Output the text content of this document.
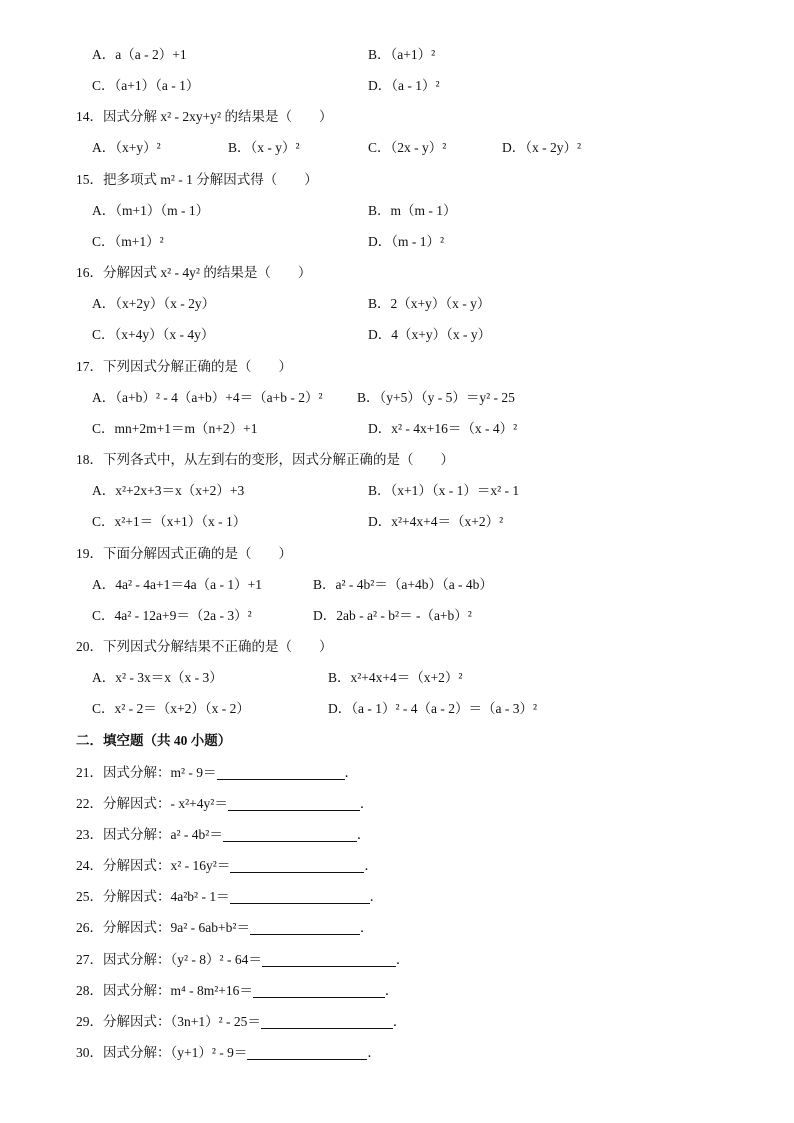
A．a（a - 2）+1	B．（a+1）²
C．（a+1）（a - 1）	D．（a - 1）²
14．因式分解 x² - 2xy+y² 的结果是（　　）
A．（x+y）²	B．（x - y）²	C．（2x - y）²	D．（x - 2y）²
15．把多项式 m² - 1 分解因式得（　　）
A．（m+1）（m - 1）	B．m（m - 1）
C．（m+1）²	D．（m - 1）²
16．分解因式 x² - 4y² 的结果是（　　）
A．（x+2y）（x - 2y）	B．2（x+y）（x - y）
C．（x+4y）（x - 4y）	D．4（x+y）（x - y）
17．下列因式分解正确的是（　　）
A．（a+b）² - 4（a+b）+4＝（a+b - 2）²	B．（y+5）（y - 5）＝y² - 25
C．mn+2m+1＝m（n+2）+1	D．x² - 4x+16＝（x - 4）²
18．下列各式中，从左到右的变形，因式分解正确的是（　　）
A．x²+2x+3＝x（x+2）+3	B．（x+1）（x - 1）＝x² - 1
C．x²+1＝（x+1）（x - 1）	D．x²+4x+4＝（x+2）²
19．下面分解因式正确的是（　　）
A．4a² - 4a+1＝4a（a - 1）+1	B．a² - 4b²＝（a+4b）（a - 4b）
C．4a² - 12a+9＝（2a - 3）²	D．2ab - a² - b²＝ -（a+b）²
20．下列因式分解结果不正确的是（　　）
A．x² - 3x＝x（x - 3）	B．x²+4x+4＝（x+2）²
C．x² - 2＝（x+2）（x - 2）	D．（a - 1）² - 4（a - 2）＝（a - 3）²
二．填空题（共 40 小题）
21．因式分解：m² - 9＝	．
22．分解因式：- x²+4y²＝	．
23．因式分解：a² - 4b²＝	．
24．分解因式：x² - 16y²＝	．
25．分解因式：4a²b² - 1＝	．
26．分解因式：9a² - 6ab+b²＝	．
27．因式分解：（y² - 8）² - 64＝	．
28．因式分解：m⁴ - 8m²+16＝	．
29．分解因式：（3n+1）² - 25＝	．
30．因式分解：（y+1）² - 9＝	．
